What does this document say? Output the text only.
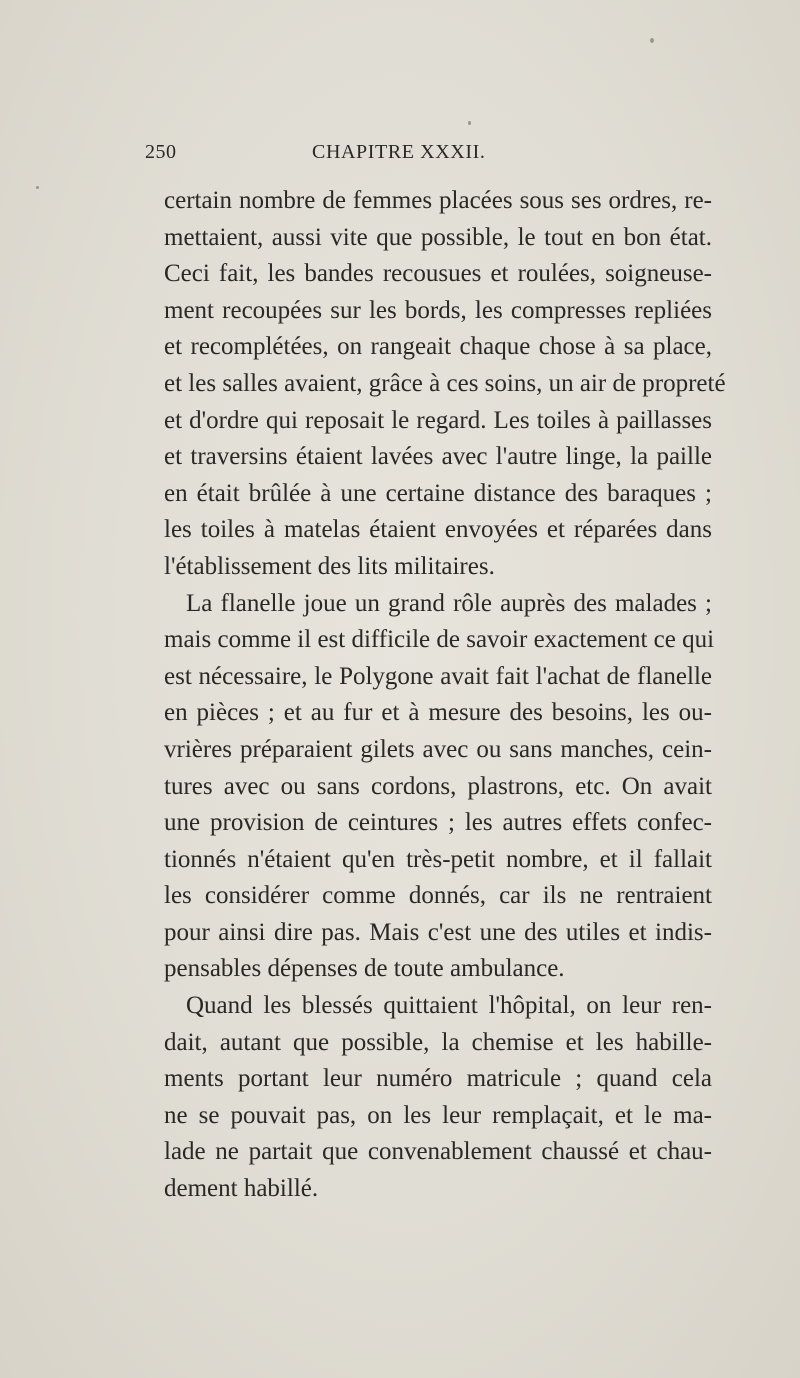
250	CHAPITRE XXXII.
certain nombre de femmes placées sous ses ordres, re-
mettaient, aussi vite que possible, le tout en bon état.
Ceci fait, les bandes recousues et roulées, soigneuse-
ment recoupées sur les bords, les compresses repliées
et recomplétées, on rangeait chaque chose à sa place,
et les salles avaient, grâce à ces soins, un air de propreté
et d'ordre qui reposait le regard. Les toiles à paillasses
et traversins étaient lavées avec l'autre linge, la paille
en était brûlée à une certaine distance des baraques ;
les toiles à matelas étaient envoyées et réparées dans
l'établissement des lits militaires.
La flanelle joue un grand rôle auprès des malades ;
mais comme il est difficile de savoir exactement ce qui
est nécessaire, le Polygone avait fait l'achat de flanelle
en pièces ; et au fur et à mesure des besoins, les ou-
vrières préparaient gilets avec ou sans manches, cein-
tures avec ou sans cordons, plastrons, etc. On avait
une provision de ceintures ; les autres effets confec-
tionnés n'étaient qu'en très-petit nombre, et il fallait
les considérer comme donnés, car ils ne rentraient
pour ainsi dire pas. Mais c'est une des utiles et indis-
pensables dépenses de toute ambulance.
Quand les blessés quittaient l'hôpital, on leur ren-
dait, autant que possible, la chemise et les habille-
ments portant leur numéro matricule ; quand cela
ne se pouvait pas, on les leur remplaçait, et le ma-
lade ne partait que convenablement chaussé et chau-
dement habillé.
